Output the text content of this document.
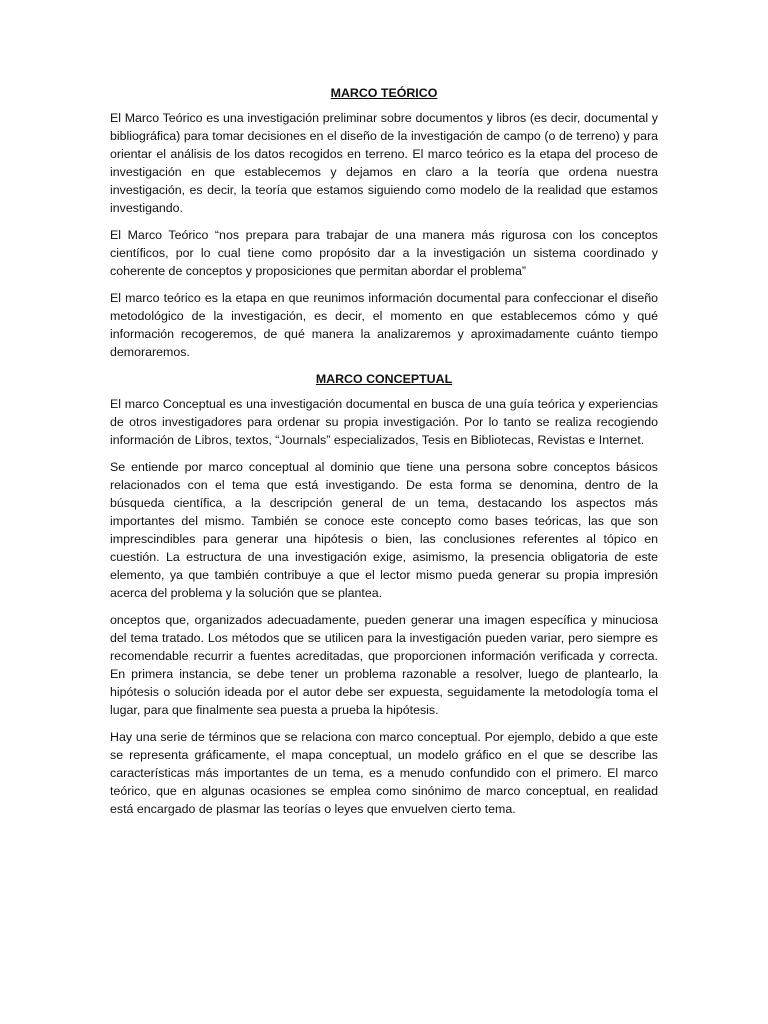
MARCO TEÓRICO

El Marco Teórico es una investigación preliminar sobre documentos y libros (es decir, documental y bibliográfica) para tomar decisiones en el diseño de la investigación de campo (o de terreno) y para orientar el análisis de los datos recogidos en terreno. El marco teórico es la etapa del proceso de investigación en que establecemos y dejamos en claro a la teoría que ordena nuestra investigación, es decir, la teoría que estamos siguiendo como modelo de la realidad que estamos investigando.

El Marco Teórico “nos prepara para trabajar de una manera más rigurosa con los conceptos científicos, por lo cual tiene como propósito dar a la investigación un sistema coordinado y coherente de conceptos y proposiciones que permitan abordar el problema”

El marco teórico es la etapa en que reunimos información documental para confeccionar el diseño metodológico de la investigación, es decir, el momento en que establecemos cómo y qué información recogeremos, de qué manera la analizaremos y aproximadamente cuánto tiempo demoraremos.

MARCO CONCEPTUAL

El marco Conceptual es una investigación documental en busca de una guía teórica y experiencias de otros investigadores para ordenar su propia investigación. Por lo tanto se realiza recogiendo información de Libros, textos, “Journals” especializados, Tesis en Bibliotecas, Revistas e Internet.

Se entiende por marco conceptual al dominio que tiene una persona sobre conceptos básicos relacionados con el tema que está investigando. De esta forma se denomina, dentro de la búsqueda científica, a la descripción general de un tema, destacando los aspectos más importantes del mismo. También se conoce este concepto como bases teóricas, las que son imprescindibles para generar una hipótesis o bien, las conclusiones referentes al tópico en cuestión. La estructura de una investigación exige, asimismo, la presencia obligatoria de este elemento, ya que también contribuye a que el lector mismo pueda generar su propia impresión acerca del problema y la solución que se plantea.

onceptos que, organizados adecuadamente, pueden generar una imagen específica y minuciosa del tema tratado. Los métodos que se utilicen para la investigación pueden variar, pero siempre es recomendable recurrir a fuentes acreditadas, que proporcionen información verificada y correcta. En primera instancia, se debe tener un problema razonable a resolver, luego de plantearlo, la hipótesis o solución ideada por el autor debe ser expuesta, seguidamente la metodología toma el lugar, para que finalmente sea puesta a prueba la hipótesis.

Hay una serie de términos que se relaciona con marco conceptual. Por ejemplo, debido a que este se representa gráficamente, el mapa conceptual, un modelo gráfico en el que se describe las características más importantes de un tema, es a menudo confundido con el primero. El marco teórico, que en algunas ocasiones se emplea como sinónimo de marco conceptual, en realidad está encargado de plasmar las teorías o leyes que envuelven cierto tema.
